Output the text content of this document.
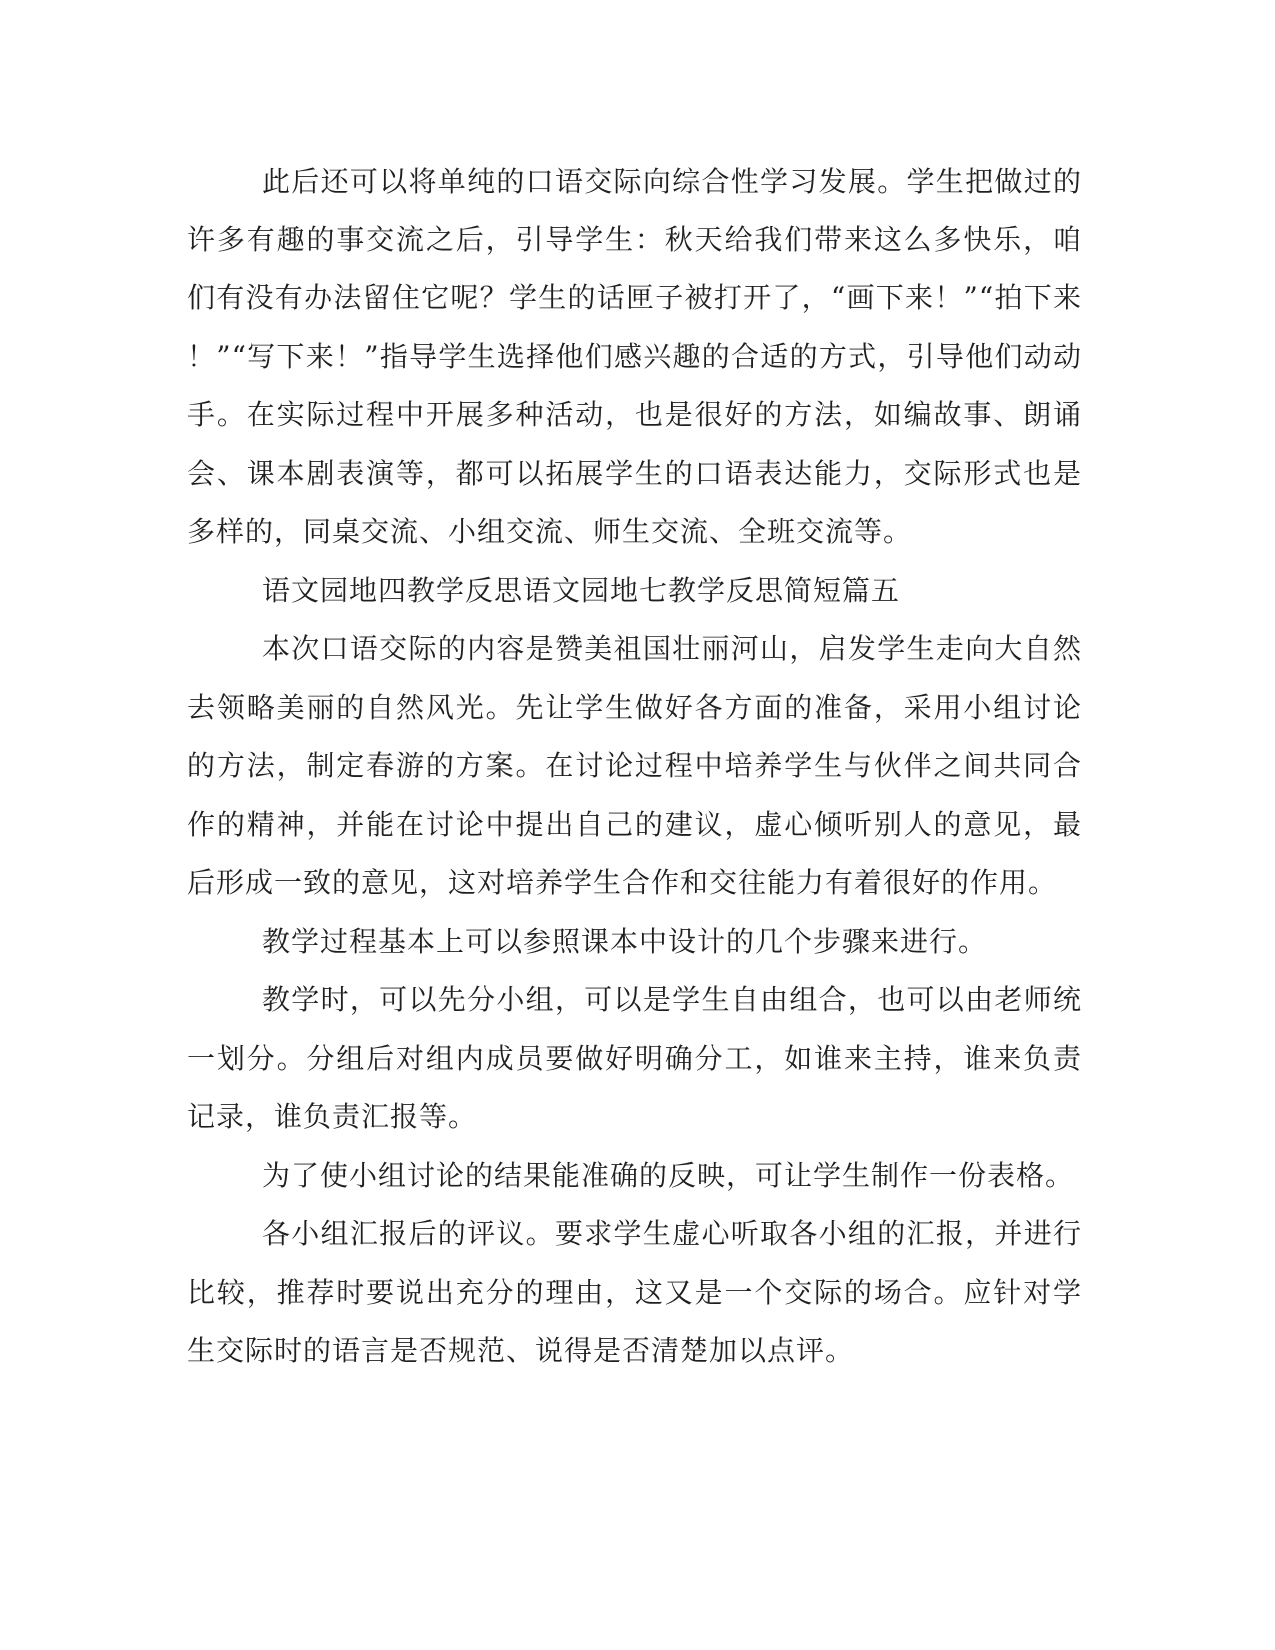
此后还可以将单纯的口语交际向综合性学习发展。学生把做过的
许多有趣的事交流之后，引导学生：秋天给我们带来这么多快乐，咱
们有没有办法留住它呢？学生的话匣子被打开了，“画下来！”“拍下来
！”“写下来！”指导学生选择他们感兴趣的合适的方式，引导他们动动
手。在实际过程中开展多种活动，也是很好的方法，如编故事、朗诵
会、课本剧表演等，都可以拓展学生的口语表达能力，交际形式也是
多样的，同桌交流、小组交流、师生交流、全班交流等。
语文园地四教学反思语文园地七教学反思简短篇五
本次口语交际的内容是赞美祖国壮丽河山，启发学生走向大自然
去领略美丽的自然风光。先让学生做好各方面的准备，采用小组讨论
的方法，制定春游的方案。在讨论过程中培养学生与伙伴之间共同合
作的精神，并能在讨论中提出自己的建议，虚心倾听别人的意见，最
后形成一致的意见，这对培养学生合作和交往能力有着很好的作用。
教学过程基本上可以参照课本中设计的几个步骤来进行。
教学时，可以先分小组，可以是学生自由组合，也可以由老师统
一划分。分组后对组内成员要做好明确分工，如谁来主持，谁来负责
记录，谁负责汇报等。
为了使小组讨论的结果能准确的反映，可让学生制作一份表格。
各小组汇报后的评议。要求学生虚心听取各小组的汇报，并进行
比较，推荐时要说出充分的理由，这又是一个交际的场合。应针对学
生交际时的语言是否规范、说得是否清楚加以点评。
